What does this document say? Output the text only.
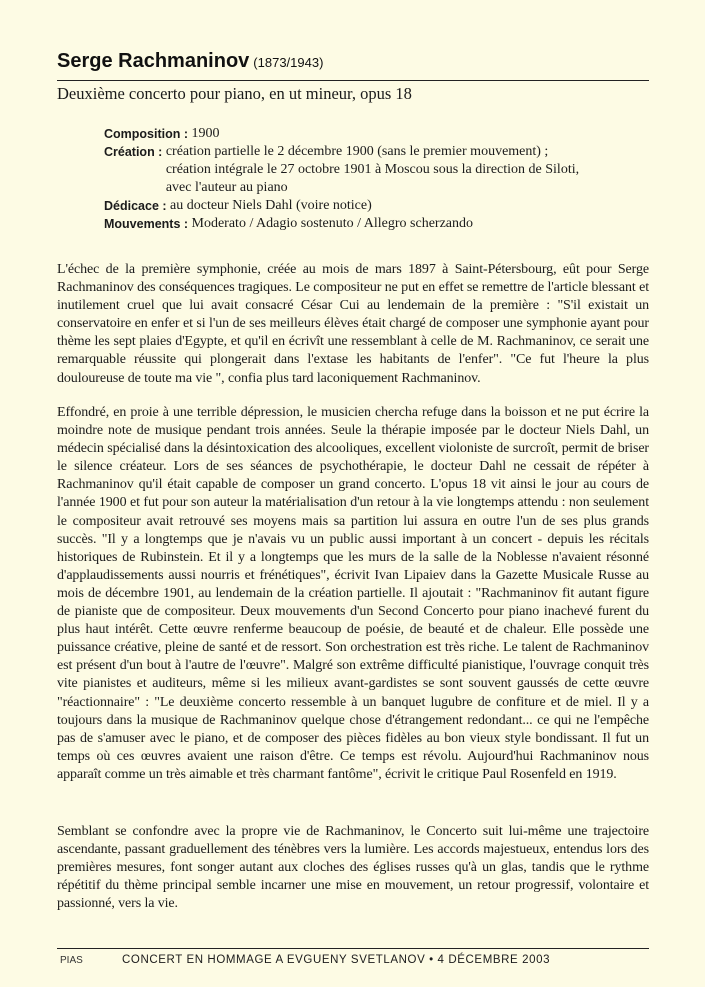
Serge Rachmaninov (1873/1943)
Deuxième concerto pour piano, en ut mineur, opus 18
Composition : 1900
Création : création partielle le 2 décembre 1900 (sans le premier mouvement) ;
création intégrale le 27 octobre 1901 à Moscou sous la direction de Siloti,
avec l'auteur au piano
Dédicace : au docteur Niels Dahl (voire notice)
Mouvements : Moderato / Adagio sostenuto / Allegro scherzando

L'échec de la première symphonie, créée au mois de mars 1897 à Saint-Pétersbourg, eût pour Serge Rachmaninov des conséquences tragiques. Le compositeur ne put en effet se remettre de l'article blessant et inutilement cruel que lui avait consacré César Cui au lendemain de la première : "S'il existait un conservatoire en enfer et si l'un de ses meilleurs élèves était chargé de composer une symphonie ayant pour thème les sept plaies d'Egypte, et qu'il en écrivît une ressemblant à celle de M. Rachmaninov, ce serait une remarquable réussite qui plongerait dans l'extase les habitants de l'enfer". "Ce fut l'heure la plus douloureuse de toute ma vie ", confia plus tard laconiquement Rachmaninov.

Effondré, en proie à une terrible dépression, le musicien chercha refuge dans la boisson et ne put écrire la moindre note de musique pendant trois années. Seule la thérapie imposée par le docteur Niels Dahl, un médecin spécialisé dans la désintoxication des alcooliques, excellent violoniste de surcroît, permit de briser le silence créateur. Lors de ses séances de psychothérapie, le docteur Dahl ne cessait de répéter à Rachmaninov qu'il était capable de composer un grand concerto. L'opus 18 vit ainsi le jour au cours de l'année 1900 et fut pour son auteur la matérialisation d'un retour à la vie longtemps attendu : non seulement le compositeur avait retrouvé ses moyens mais sa partition lui assura en outre l'un de ses plus grands succès. "Il y a longtemps que je n'avais vu un public aussi important à un concert - depuis les récitals historiques de Rubinstein. Et il y a longtemps que les murs de la salle de la Noblesse n'avaient résonné d'applaudissements aussi nourris et frénétiques", écrivit Ivan Lipaiev dans la Gazette Musicale Russe au mois de décembre 1901, au lendemain de la création partielle. Il ajoutait : "Rachmaninov fit autant figure de pianiste que de compositeur. Deux mouvements d'un Second Concerto pour piano inachevé furent du plus haut intérêt. Cette œuvre renferme beaucoup de poésie, de beauté et de chaleur. Elle possède une puissance créative, pleine de santé et de ressort. Son orchestration est très riche. Le talent de Rachmaninov est présent d'un bout à l'autre de l'œuvre". Malgré son extrême difficulté pianistique, l'ouvrage conquit très vite pianistes et auditeurs, même si les milieux avant-gardistes se sont souvent gaussés de cette œuvre "réactionnaire" : "Le deuxième concerto ressemble à un banquet lugubre de confiture et de miel. Il y a toujours dans la musique de Rachmaninov quelque chose d'étrangement redondant... ce qui ne l'empêche pas de s'amuser avec le piano, et de composer des pièces fidèles au bon vieux style bondissant. Il fut un temps où ces œuvres avaient une raison d'être. Ce temps est révolu. Aujourd'hui Rachmaninov nous apparaît comme un très aimable et très charmant fantôme", écrivit le critique Paul Rosenfeld en 1919.

Semblant se confondre avec la propre vie de Rachmaninov, le Concerto suit lui-même une trajectoire ascendante, passant graduellement des ténèbres vers la lumière. Les accords majestueux, entendus lors des premières mesures, font songer autant aux cloches des églises russes qu'à un glas, tandis que le rythme répétitif du thème principal semble incarner une mise en mouvement, un retour progressif, volontaire et passionné, vers la vie.

PIAS	CONCERT EN HOMMAGE A EVGUENY SVETLANOV • 4 DÉCEMBRE 2003
